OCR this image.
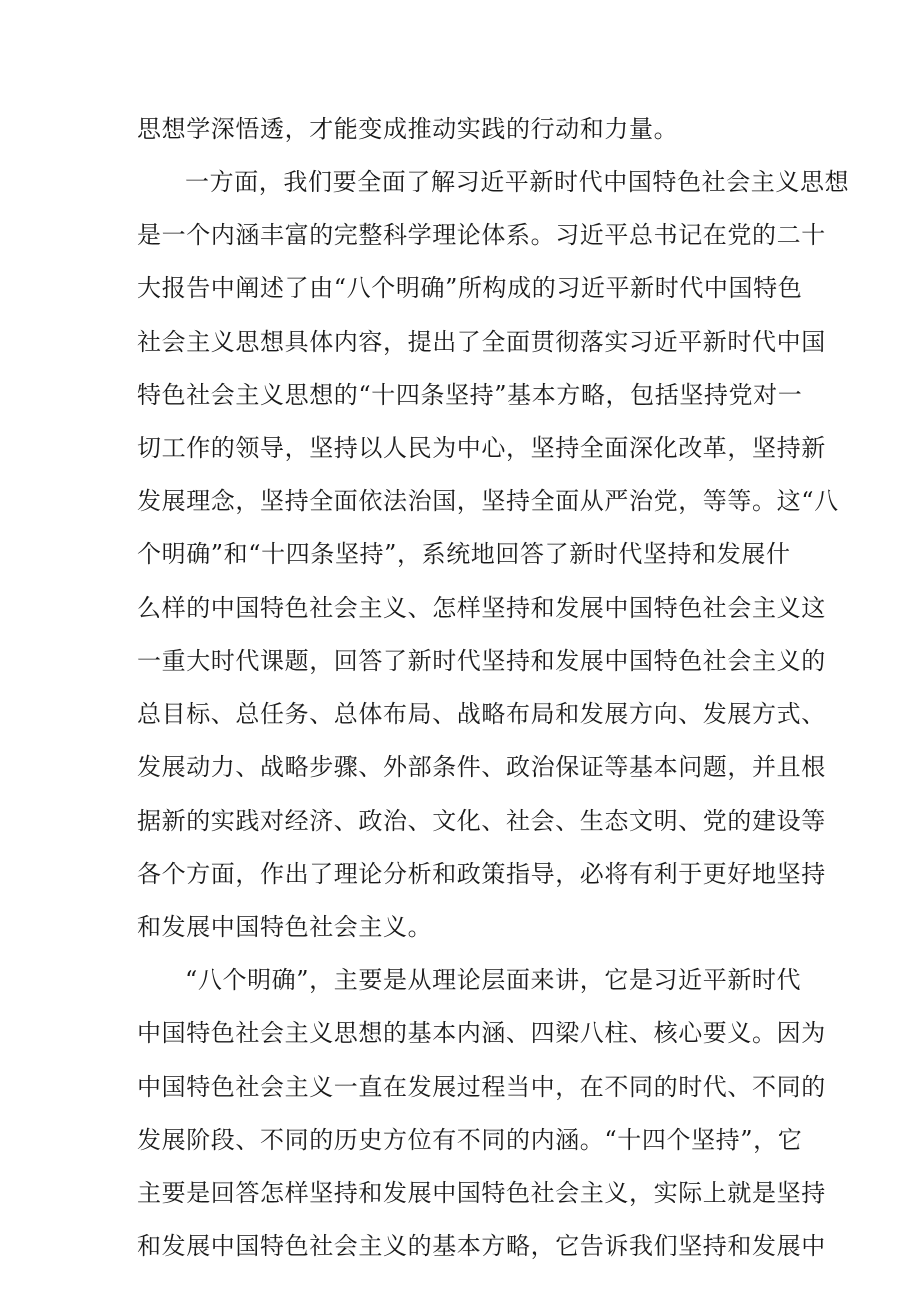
思想学深悟透，才能变成推动实践的行动和力量。
一方面，我们要全面了解习近平新时代中国特色社会主义思想
是一个内涵丰富的完整科学理论体系。习近平总书记在党的二十
大报告中阐述了由“八个明确”所构成的习近平新时代中国特色
社会主义思想具体内容，提出了全面贯彻落实习近平新时代中国
特色社会主义思想的“十四条坚持”基本方略，包括坚持党对一
切工作的领导，坚持以人民为中心，坚持全面深化改革，坚持新
发展理念，坚持全面依法治国，坚持全面从严治党，等等。这“八
个明确”和“十四条坚持”，系统地回答了新时代坚持和发展什
么样的中国特色社会主义、怎样坚持和发展中国特色社会主义这
一重大时代课题，回答了新时代坚持和发展中国特色社会主义的
总目标、总任务、总体布局、战略布局和发展方向、发展方式、
发展动力、战略步骤、外部条件、政治保证等基本问题，并且根
据新的实践对经济、政治、文化、社会、生态文明、党的建设等
各个方面，作出了理论分析和政策指导，必将有利于更好地坚持
和发展中国特色社会主义。
“八个明确”，主要是从理论层面来讲，它是习近平新时代
中国特色社会主义思想的基本内涵、四梁八柱、核心要义。因为
中国特色社会主义一直在发展过程当中，在不同的时代、不同的
发展阶段、不同的历史方位有不同的内涵。“十四个坚持”，它
主要是回答怎样坚持和发展中国特色社会主义，实际上就是坚持
和发展中国特色社会主义的基本方略，它告诉我们坚持和发展中
